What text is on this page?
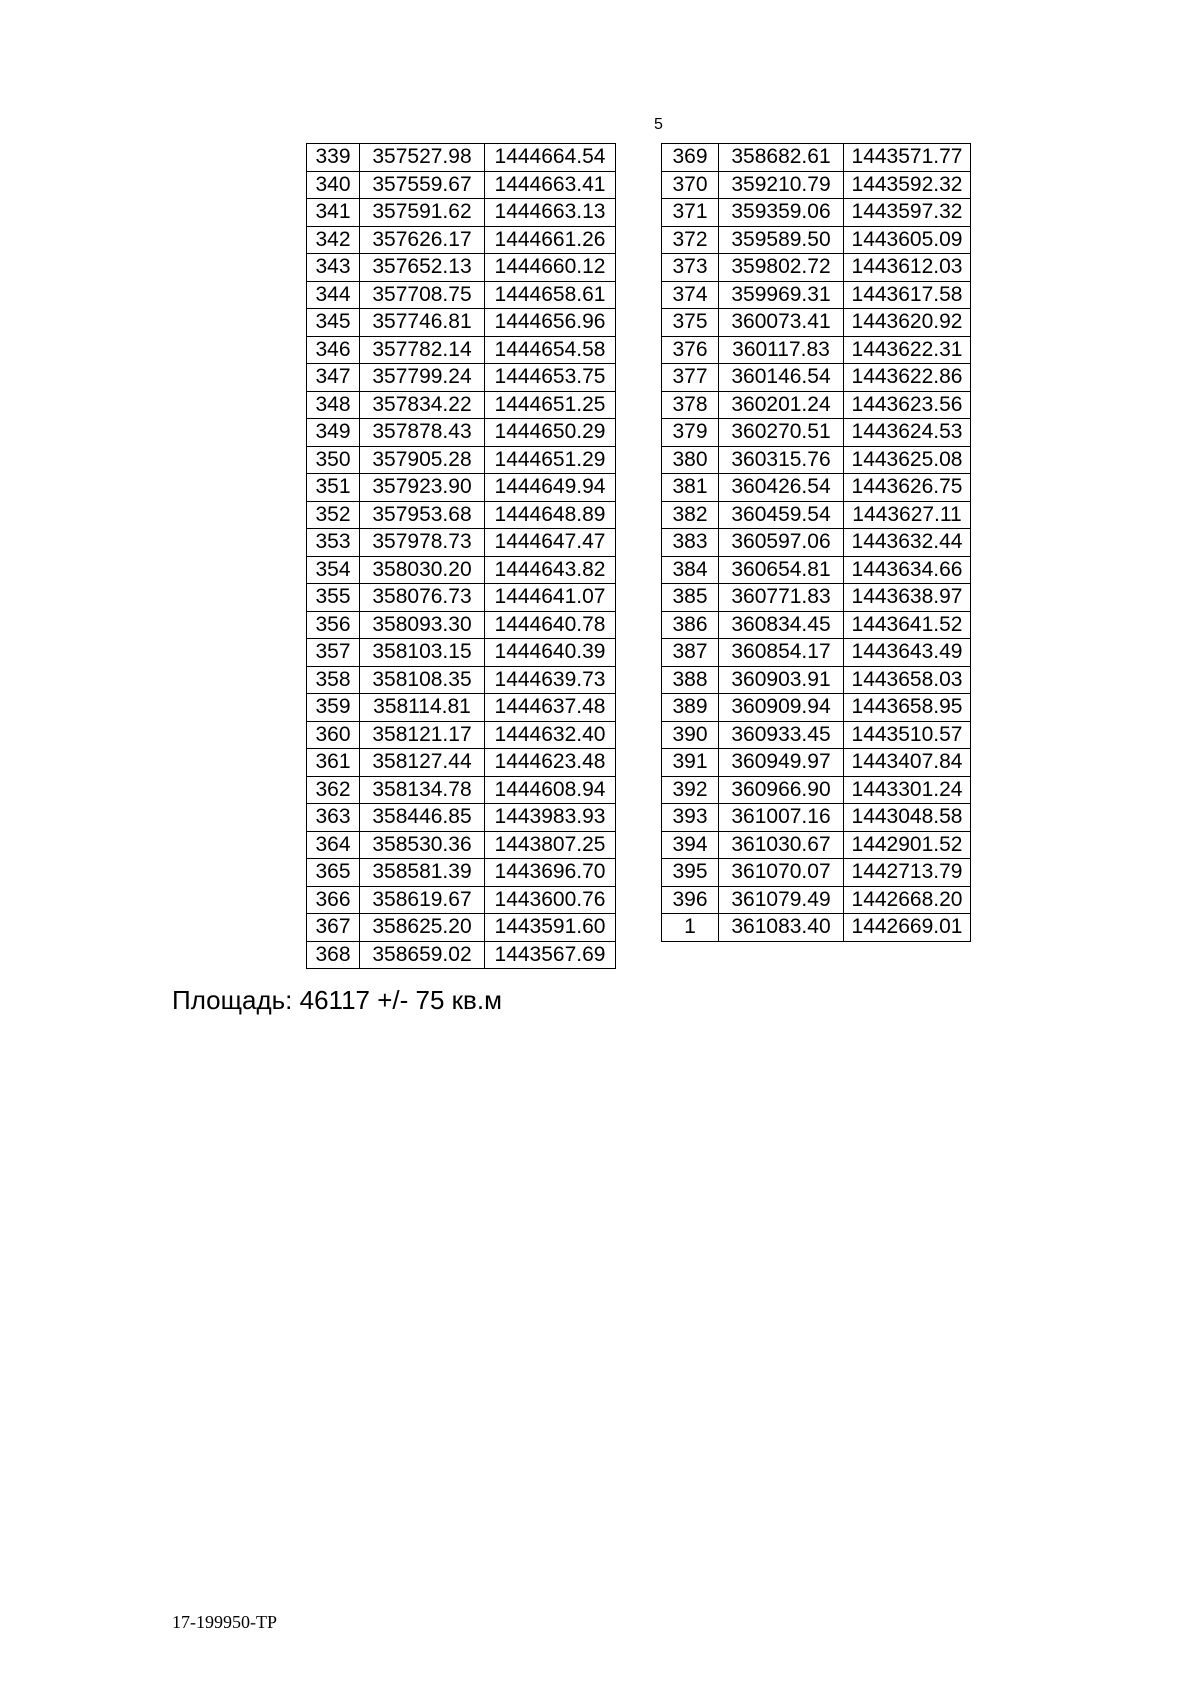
5
339	357527.98	1444664.54
340	357559.67	1444663.41
341	357591.62	1444663.13
342	357626.17	1444661.26
343	357652.13	1444660.12
344	357708.75	1444658.61
345	357746.81	1444656.96
346	357782.14	1444654.58
347	357799.24	1444653.75
348	357834.22	1444651.25
349	357878.43	1444650.29
350	357905.28	1444651.29
351	357923.90	1444649.94
352	357953.68	1444648.89
353	357978.73	1444647.47
354	358030.20	1444643.82
355	358076.73	1444641.07
356	358093.30	1444640.78
357	358103.15	1444640.39
358	358108.35	1444639.73
359	358114.81	1444637.48
360	358121.17	1444632.40
361	358127.44	1444623.48
362	358134.78	1444608.94
363	358446.85	1443983.93
364	358530.36	1443807.25
365	358581.39	1443696.70
366	358619.67	1443600.76
367	358625.20	1443591.60
368	358659.02	1443567.69
369	358682.61	1443571.77
370	359210.79	1443592.32
371	359359.06	1443597.32
372	359589.50	1443605.09
373	359802.72	1443612.03
374	359969.31	1443617.58
375	360073.41	1443620.92
376	360117.83	1443622.31
377	360146.54	1443622.86
378	360201.24	1443623.56
379	360270.51	1443624.53
380	360315.76	1443625.08
381	360426.54	1443626.75
382	360459.54	1443627.11
383	360597.06	1443632.44
384	360654.81	1443634.66
385	360771.83	1443638.97
386	360834.45	1443641.52
387	360854.17	1443643.49
388	360903.91	1443658.03
389	360909.94	1443658.95
390	360933.45	1443510.57
391	360949.97	1443407.84
392	360966.90	1443301.24
393	361007.16	1443048.58
394	361030.67	1442901.52
395	361070.07	1442713.79
396	361079.49	1442668.20
1	361083.40	1442669.01
Площадь: 46117 +/- 75 кв.м
17-199950-ТР
